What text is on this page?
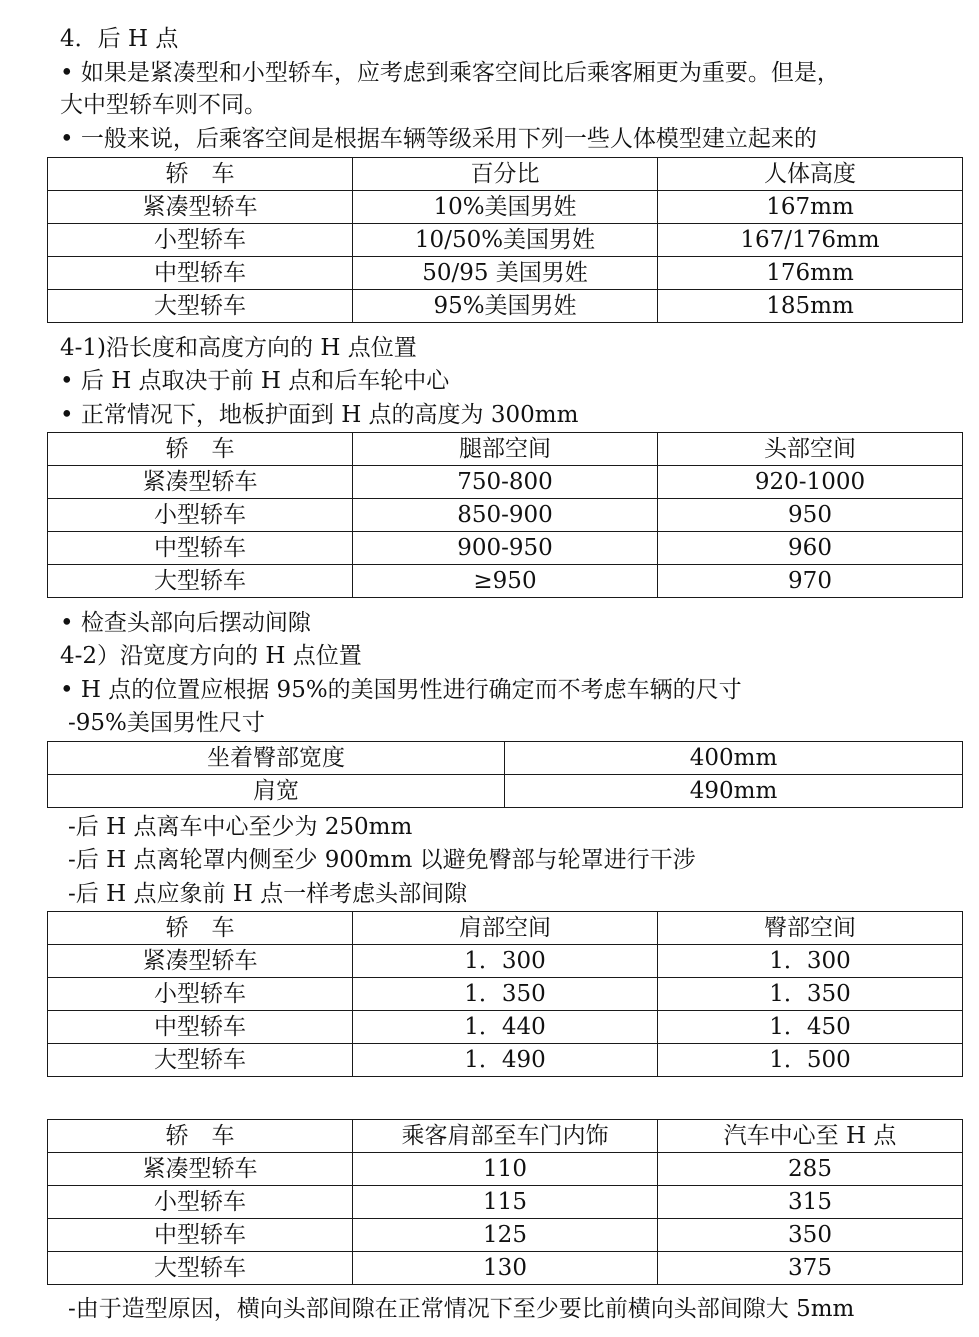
4．后 H 点
• 如果是紧凑型和小型轿车，应考虑到乘客空间比后乘客厢更为重要。但是，
大中型轿车则不同。
• 一般来说，后乘客空间是根据车辆等级采用下列一些人体模型建立起来的
轿　车	百分比	人体高度
紧凑型轿车	10%美国男姓	167mm
小型轿车	10/50%美国男姓	167/176mm
中型轿车	50/95 美国男姓	176mm
大型轿车	95%美国男姓	185mm
4-1)沿长度和高度方向的 H 点位置
• 后 H 点取决于前 H 点和后车轮中心
• 正常情况下，地板护面到 H 点的高度为 300mm
轿　车	腿部空间	头部空间
紧凑型轿车	750-800	920-1000
小型轿车	850-900	950
中型轿车	900-950	960
大型轿车	≥950	970
• 检查头部向后摆动间隙
4-2）沿宽度方向的 H 点位置
• H 点的位置应根据 95%的美国男性进行确定而不考虑车辆的尺寸
-95%美国男性尺寸
坐着臀部宽度	400mm
肩宽	490mm
-后 H 点离车中心至少为 250mm
-后 H 点离轮罩内侧至少 900mm 以避免臀部与轮罩进行干涉
-后 H 点应象前 H 点一样考虑头部间隙
轿　车	肩部空间	臀部空间
紧凑型轿车	1．300	1．300
小型轿车	1．350	1．350
中型轿车	1．440	1．450
大型轿车	1．490	1．500
轿　车	乘客肩部至车门内饰	汽车中心至 H 点
紧凑型轿车	110	285
小型轿车	115	315
中型轿车	125	350
大型轿车	130	375
-由于造型原因，横向头部间隙在正常情况下至少要比前横向头部间隙大 5mm
